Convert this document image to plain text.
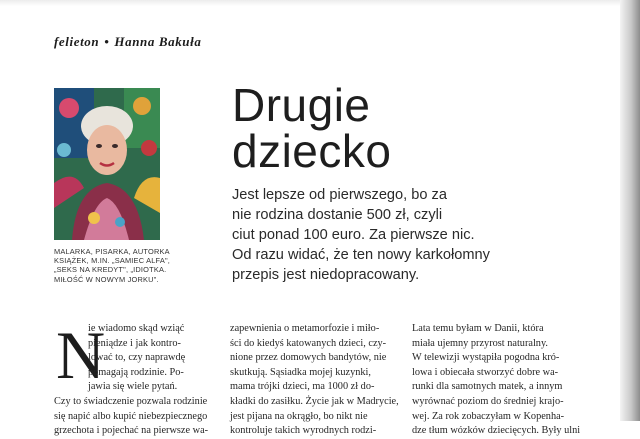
felieton • Hanna Bakuła
MALARKA, PISARKA, AUTORKA
KSIĄŻEK, M.IN. „SAMIEC ALFA",
„SEKS NA KREDYT", „IDIOTKA.
MIŁOŚĆ W NOWYM JORKU".
Drugie
dziecko
Jest lepsze od pierwszego, bo za
nie rodzina dostanie 500 zł, czyli
ciut ponad 100 euro. Za pierwsze nic.
Od razu widać, że ten nowy karkołomny
przepis jest niedopracowany.
N
ie wiadomo skąd wziąć
pieniądze i jak kontro-
lować to, czy naprawdę
pomagają rodzinie. Po-
jawia się wiele pytań.
Czy to świadczenie pozwala rodzinie
się napić albo kupić niebezpiecznego
grzechota i pojechać na pierwsze wa-
zapewnienia o metamorfozie i miło-
ści do kiedyś katowanych dzieci, czy-
nione przez domowych bandytów, nie
skutkują. Sąsiadka mojej kuzynki,
mama trójki dzieci, ma 1000 zł do-
kładki do zasiłku. Życie jak w Madrycie,
jest pijana na okrągło, bo nikt nie
kontroluje takich wyrodnych rodzi-
Lata temu byłam w Danii, która
miała ujemny przyrost naturalny.
W telewizji wystąpiła pogodna kró-
lowa i obiecała stworzyć dobre wa-
runki dla samotnych matek, a innym
wyrównać poziom do średniej krajo-
wej. Za rok zobaczyłam w Kopenha-
dze tłum wózków dziecięcych. Były ulni
